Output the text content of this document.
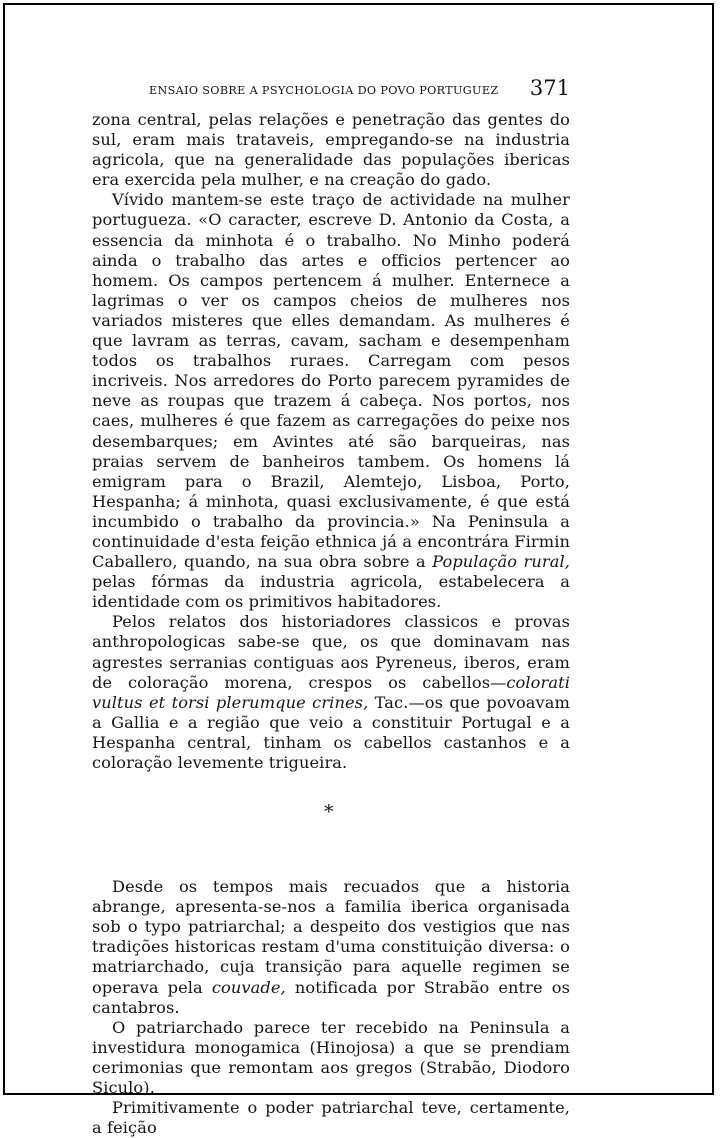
ENSAIO SOBRE A PSYCHOLOGIA DO POVO PORTUGUEZ 371

zona central, pelas relações e penetração das gentes do sul, eram mais trataveis, empregando-se na industria agricola, que na generalidade das populações ibericas era exercida pela mulher, e na creação do gado.

Vívido mantem-se este traço de actividade na mulher portugueza. «O caracter, escreve D. Antonio da Costa, a essencia da minhota é o trabalho. No Minho poderá ainda o trabalho das artes e officios pertencer ao homem. Os campos pertencem á mulher. Enternece a lagrimas o ver os campos cheios de mulheres nos variados misteres que elles demandam. As mulheres é que lavram as terras, cavam, sacham e desempenham todos os trabalhos ruraes. Carregam com pesos incriveis. Nos arredores do Porto parecem pyramides de neve as roupas que trazem á cabeça. Nos portos, nos caes, mulheres é que fazem as carregações do peixe nos desembarques; em Avintes até são barqueiras, nas praias servem de banheiros tambem. Os homens lá emigram para o Brazil, Alemtejo, Lisboa, Porto, Hespanha; á minhota, quasi exclusivamente, é que está incumbido o trabalho da provincia.» Na Peninsula a continuidade d'esta feição ethnica já a encontrára Firmin Caballero, quando, na sua obra sobre a População rural, pelas fórmas da industria agricola, estabelecera a identidade com os primitivos habitadores.

Pelos relatos dos historiadores classicos e provas anthropologicas sabe-se que, os que dominavam nas agrestes serranias contiguas aos Pyreneus, iberos, eram de coloração morena, crespos os cabellos—colorati vultus et torsi plerumque crines, Tac.—os que povoavam a Gallia e a região que veio a constituir Portugal e a Hespanha central, tinham os cabellos castanhos e a coloração levemente trigueira.

*

Desde os tempos mais recuados que a historia abrange, apresenta-se-nos a familia iberica organisada sob o typo patriarchal; a despeito dos vestigios que nas tradições historicas restam d'uma constituição diversa: o matriarchado, cuja transição para aquelle regimen se operava pela couvade, notificada por Strabão entre os cantabros.

O patriarchado parece ter recebido na Peninsula a investidura monogamica (Hinojosa) a que se prendiam cerimonias que remontam aos gregos (Strabão, Diodoro Siculo).

Primitivamente o poder patriarchal teve, certamente, a feição
